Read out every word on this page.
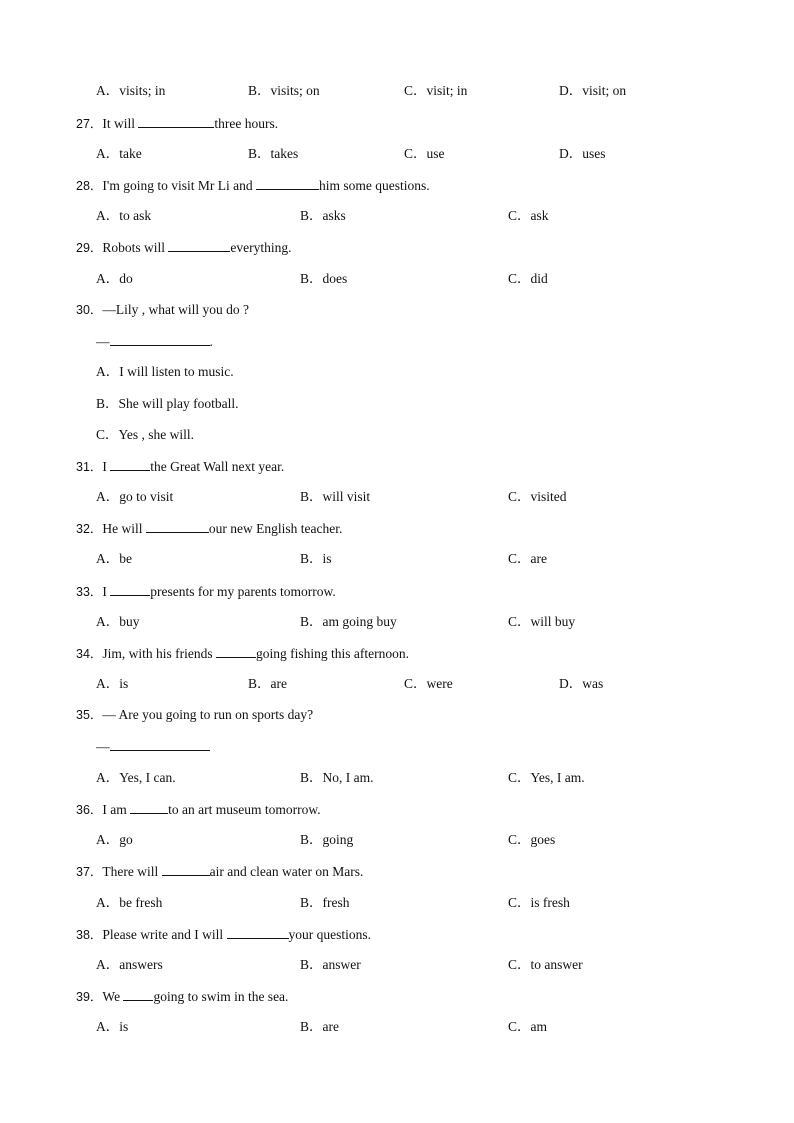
A．visits; in	B．visits; on	C．visit; in	D．visit; on
27．It will	three hours.
A．take	B．takes	C．use	D．uses
28．I'm going to visit Mr Li and	him some questions.
A．to ask	B．asks	C．ask
29．Robots will	everything.
A．do	B．does	C．did
30．—Lily , what will you do ?
—	.
A．I will listen to music.
B．She will play football.
C．Yes , she will.
31．I	the Great Wall next year.
A．go to visit	B．will visit	C．visited
32．He will	our new English teacher.
A．be	B．is	C．are
33．I	presents for my parents tomorrow.
A．buy	B．am going buy	C．will buy
34．Jim, with his friends	going fishing this afternoon.
A．is	B．are	C．were	D．was
35．— Are you going to run on sports day?
—
A．Yes, I can.	B．No, I am.	C．Yes, I am.
36．I am	to an art museum tomorrow.
A．go	B．going	C．goes
37．There will	air and clean water on Mars.
A．be fresh	B．fresh	C．is fresh
38．Please write and I will	your questions.
A．answers	B．answer	C．to answer
39．We going to swim in the sea.
A．is	B．are	C．am
